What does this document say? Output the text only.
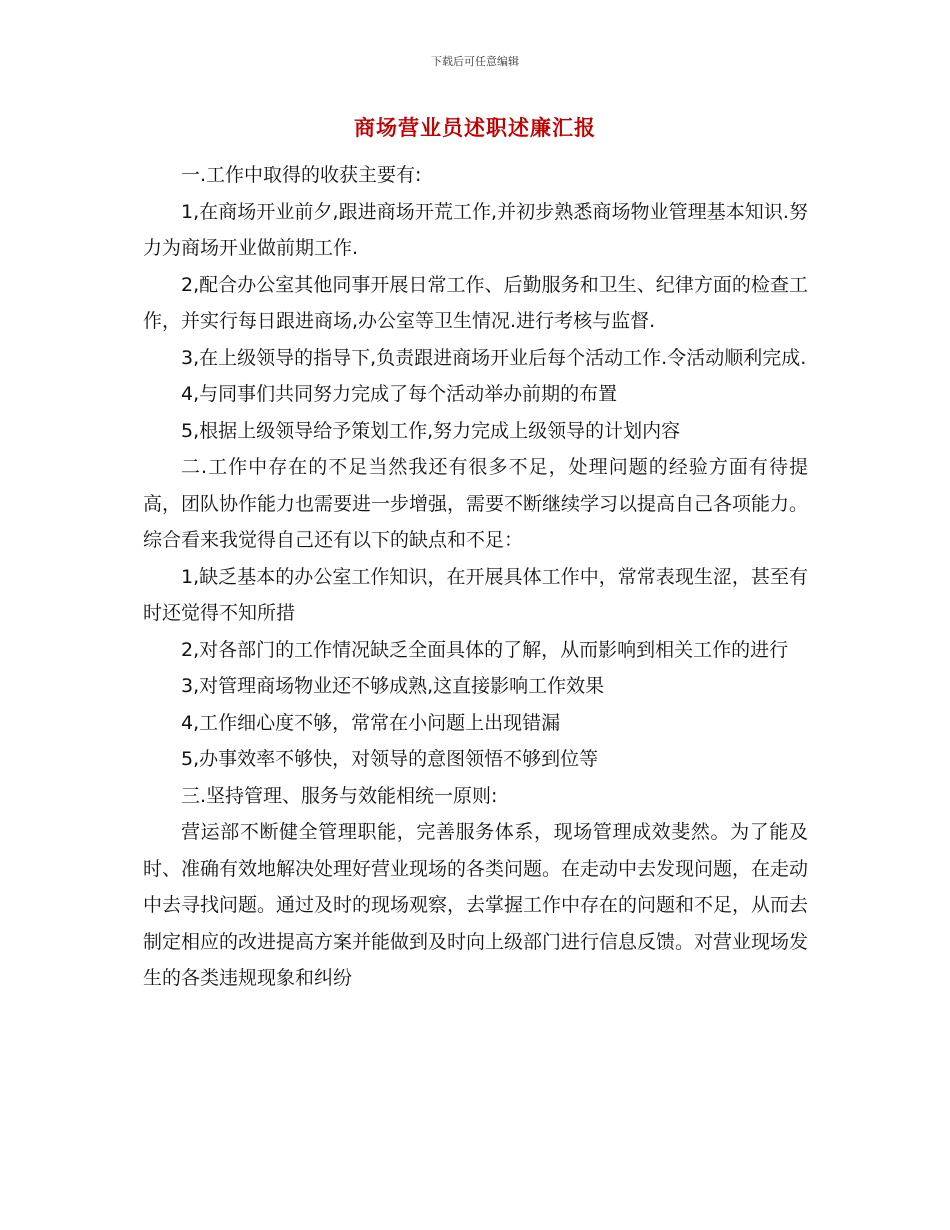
下载后可任意编辑
商场营业员述职述廉汇报

一.工作中取得的收获主要有:

1,在商场开业前夕,跟进商场开荒工作,并初步熟悉商场物业管理基本知识.努力为商场开业做前期工作.

2,配合办公室其他同事开展日常工作、后勤服务和卫生、纪律方面的检查工作，并实行每日跟进商场,办公室等卫生情况.进行考核与监督.

3,在上级领导的指导下,负责跟进商场开业后每个活动工作.令活动顺利完成.

4,与同事们共同努力完成了每个活动举办前期的布置

5,根据上级领导给予策划工作,努力完成上级领导的计划内容

二.工作中存在的不足当然我还有很多不足，处理问题的经验方面有待提高，团队协作能力也需要进一步增强，需要不断继续学习以提高自己各项能力。综合看来我觉得自己还有以下的缺点和不足：

1,缺乏基本的办公室工作知识，在开展具体工作中，常常表现生涩，甚至有时还觉得不知所措

2,对各部门的工作情况缺乏全面具体的了解，从而影响到相关工作的进行

3,对管理商场物业还不够成熟,这直接影响工作效果

4,工作细心度不够，常常在小问题上出现错漏

5,办事效率不够快，对领导的意图领悟不够到位等

三.坚持管理、服务与效能相统一原则:

营运部不断健全管理职能，完善服务体系，现场管理成效斐然。为了能及时、准确有效地解决处理好营业现场的各类问题。在走动中去发现问题，在走动中去寻找问题。通过及时的现场观察，去掌握工作中存在的问题和不足，从而去制定相应的改进提高方案并能做到及时向上级部门进行信息反馈。对营业现场发生的各类违规现象和纠纷
